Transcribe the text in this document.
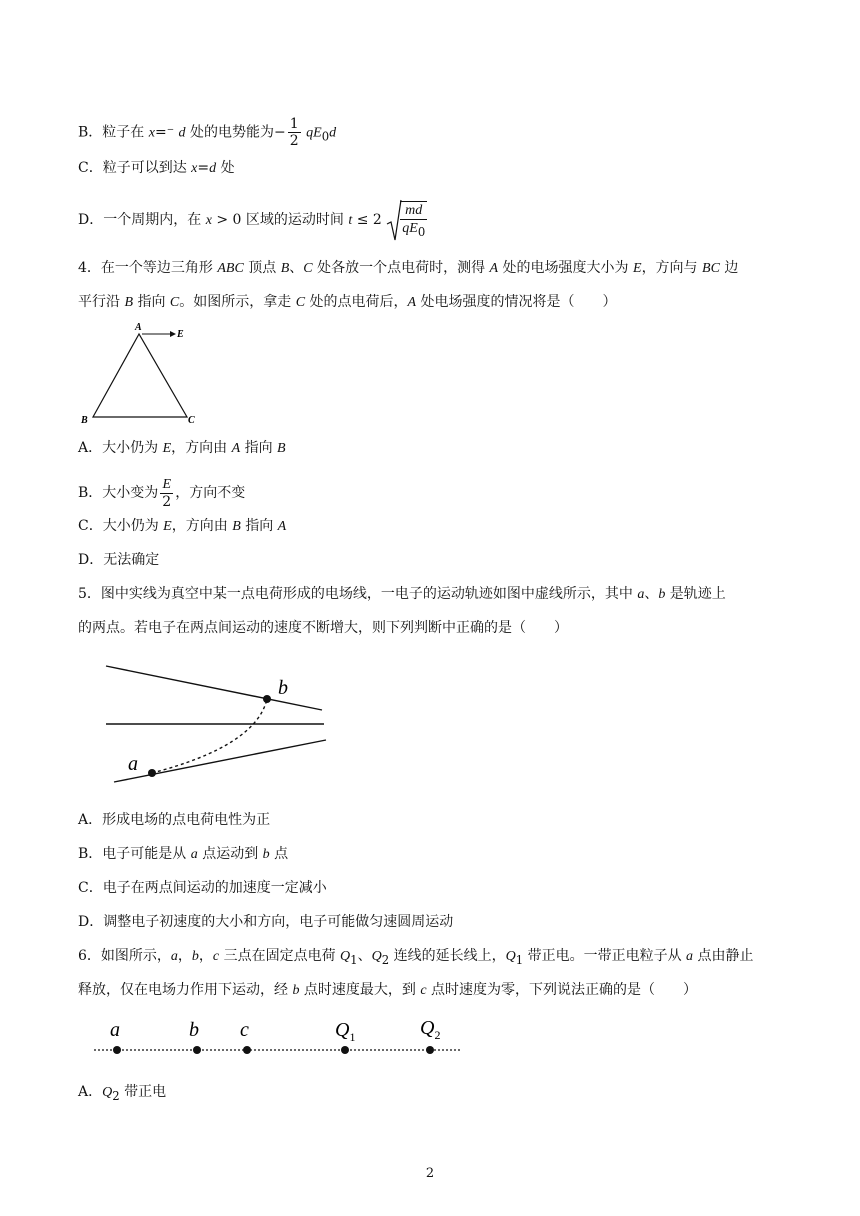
B．粒子在 x=⁻ d 处的电势能为− $\frac{1}{2} qE_0d$
C．粒子可以到达 x=d 处
D．一个周期内，在 x > 0 区域的运动时间 $t \le 2 \frac{md}{qE_0}$
4．在一个等边三角形 ABC 顶点 B、C 处各放一个点电荷时，测得 A 处的电场强度大小为 E，方向与 BC 边
平行沿 B 指向 C。如图所示，拿走 C 处的点电荷后，A 处电场强度的情况将是（　　）
A
B	C
E
A．大小仍为 E，方向由 A 指向 B
B．大小变为 $\frac{E}{2}$ ，方向不变
C．大小仍为 E，方向由 B 指向 A
D．无法确定
5．图中实线为真空中某一点电荷形成的电场线，一电子的运动轨迹如图中虚线所示，其中 a、b 是轨迹上
的两点。若电子在两点间运动的速度不断增大，则下列判断中正确的是（　　）
a
b
A．形成电场的点电荷电性为正
B．电子可能是从 a 点运动到 b 点
C．电子在两点间运动的加速度一定减小
D．调整电子初速度的大小和方向，电子可能做匀速圆周运动
6．如图所示，a，b，c 三点在固定点电荷 $Q_1$、$Q_2$ 连线的延长线上，$Q_1$ 带正电。一带正电粒子从 a 点由静止
释放，仅在电场力作用下运动，经 b 点时速度最大，到 c 点时速度为零，下列说法正确的是（　　）
a	b c	$Q_1$	$Q_2$
A．$Q_2$ 带正电
2
